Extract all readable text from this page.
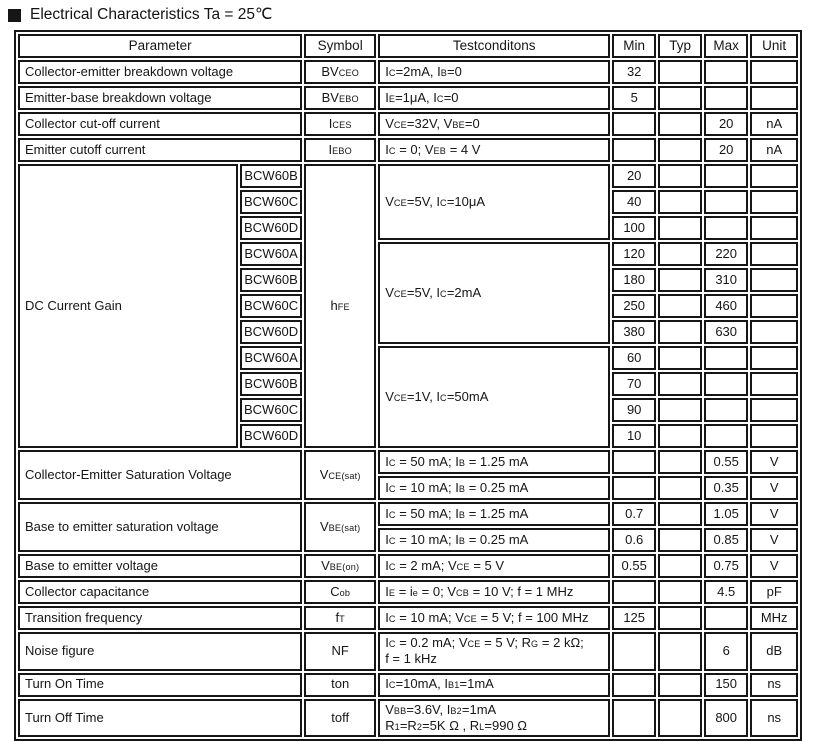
Electrical Characteristics Ta = 25℃
Parameter		Symbol	Testconditons	Min	Typ	Max	Unit
Collector-emitter breakdown voltage		BVCEO	IC=2mA, IB=0	32			
Emitter-base breakdown voltage		BVEBO	IE=1μA, IC=0	5			
Collector cut-off current		ICES	VCE=32V, VBE=0			20	nA
Emitter cutoff current		IEBO	IC = 0; VEB = 4 V			20	nA
DC Current Gain	BCW60B	hFE	VCE=5V, IC=10μA	20			
	BCW60C			40			
	BCW60D			100			
	BCW60A		VCE=5V, IC=2mA	120		220	
	BCW60B			180		310	
	BCW60C			250		460	
	BCW60D			380		630	
	BCW60A		VCE=1V, IC=50mA	60			
	BCW60B			70			
	BCW60C			90			
	BCW60D			10			
Collector-Emitter Saturation Voltage		VCE(sat)	IC = 50 mA; IB = 1.25 mA			0.55	V
			IC = 10 mA; IB = 0.25 mA			0.35	V
Base to emitter saturation voltage		VBE(sat)	IC = 50 mA; IB = 1.25 mA	0.7		1.05	V
			IC = 10 mA; IB = 0.25 mA	0.6		0.85	V
Base to emitter voltage		VBE(on)	IC = 2 mA; VCE = 5 V	0.55		0.75	V
Collector capacitance		Cob	IE = ie = 0; VCB = 10 V; f = 1 MHz			4.5	pF
Transition frequency		fT	IC = 10 mA; VCE = 5 V; f = 100 MHz	125			MHz
Noise figure		NF	IC = 0.2 mA; VCE = 5 V; RG = 2 kΩ;
f = 1 kHz			6	dB
Turn On Time		ton	IC=10mA, IB1=1mA			150	ns
Turn Off Time		toff	VBB=3.6V, IB2=1mA
R1=R2=5K Ω , RL=990 Ω			800	ns
